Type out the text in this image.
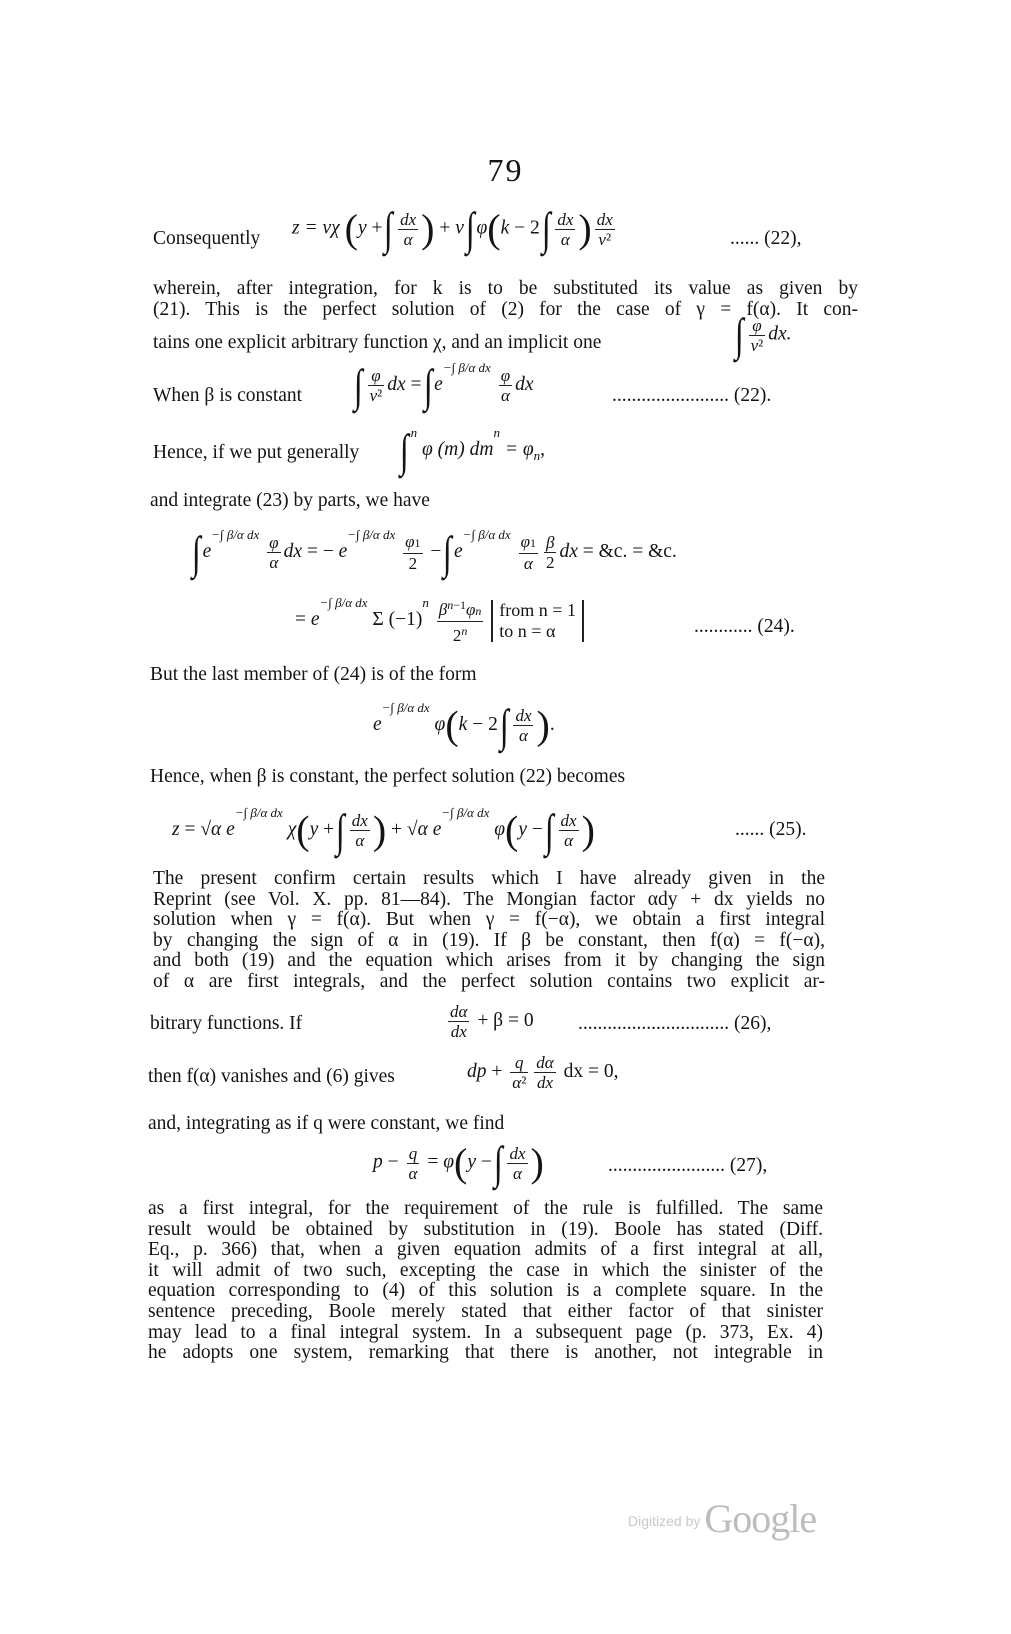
79
Consequently
z = vχ (y +∫ $\frac{dx}{\alpha}$ ) + $v\int\varphi(k - 2\int \frac{dx}{\alpha}$ ) $\frac{dx}{\text{v²}}$	...... (22),
wherein, after integration, for k is to be substituted its value as given by
(21). This is the perfect solution of (2) for the case of γ = f(α). It con-
tains one explicit arbitrary function χ, and an implicit one	∫ $\frac{\varphi}{\text{v²}}$ dx.
When β is constant ∫ $\frac{\varphi}{\text{v²}}$ dx $=\int e^{-\int \beta/\alpha dx} \frac{\varphi}{\alpha}$ dx
........................ (22).
Hence, if we put generally ∫ $^n$ φ (m) $dm^n = \varphi_n$,
and integrate (23) by parts, we have
$\int e^{-\int \beta/\alpha dx} \frac{\varphi}{\alpha}$ dx = − $e^{-\int \beta/\alpha dx} \frac{\varphi 1}{2} -\int e^{-\int \beta/\alpha dx} \frac{\varphi 1}{\alpha} \frac{\beta}{2}$ dx = &c. = &c.
= $e^{-\int \beta/\alpha dx}$ Σ $(-1)^n \frac{\beta^{n-1}\varphi n}{2^n}$
from n = 1
to n = α	............ (24).
But the last member of (24) is of the form
$e^{-\int \beta/\alpha dx}$ $\varphi(k - 2\int \frac{dx}{\alpha}$ ).
Hence, when β is constant, the perfect solution (22) becomes
z = √α $e^{-\int \beta/\alpha dx}$ χ(y +∫ $\frac{dx}{\alpha}$ ) + √α $e^{-\int \beta/\alpha dx}$ φ(y −∫ $\frac{dx}{\alpha}$ )	...... (25).
The present confirm certain results which I have already given in the
Reprint (see Vol. X. pp. 81—84). The Mongian factor αdy + dx yields no
solution when γ = f(α). But when γ = f(−α), we obtain a first integral
by changing the sign of α in (19). If β be constant, then f(α) = f(−α),
and both (19) and the equation which arises from it by changing the sign
of α are first integrals, and the perfect solution contains two explicit ar-
bitrary functions. If	$\frac{d\alpha}{dx} + \beta = 0$ ............................... (26),
then f(α) vanishes and (6) gives	dp + $\frac{q}{\text{α²}} \frac{d\alpha}{dx}$ dx = 0,
and, integrating as if q were constant, we find
$p - \frac{q}{\alpha} = \varphi(y$ −∫ $\frac{dx}{\alpha}$ )	........................ (27),
as a first integral, for the requirement of the rule is fulfilled. The same
result would be obtained by substitution in (19). Boole has stated (Diff.
Eq., p. 366) that, when a given equation admits of a first integral at all,
it will admit of two such, excepting the case in which the sinister of the
equation corresponding to (4) of this solution is a complete square. In the
sentence preceding, Boole merely stated that either factor of that sinister
may lead to a final integral system. In a subsequent page (p. 373, Ex. 4)
he adopts one system, remarking that there is another, not integrable in
Digitized by Google
